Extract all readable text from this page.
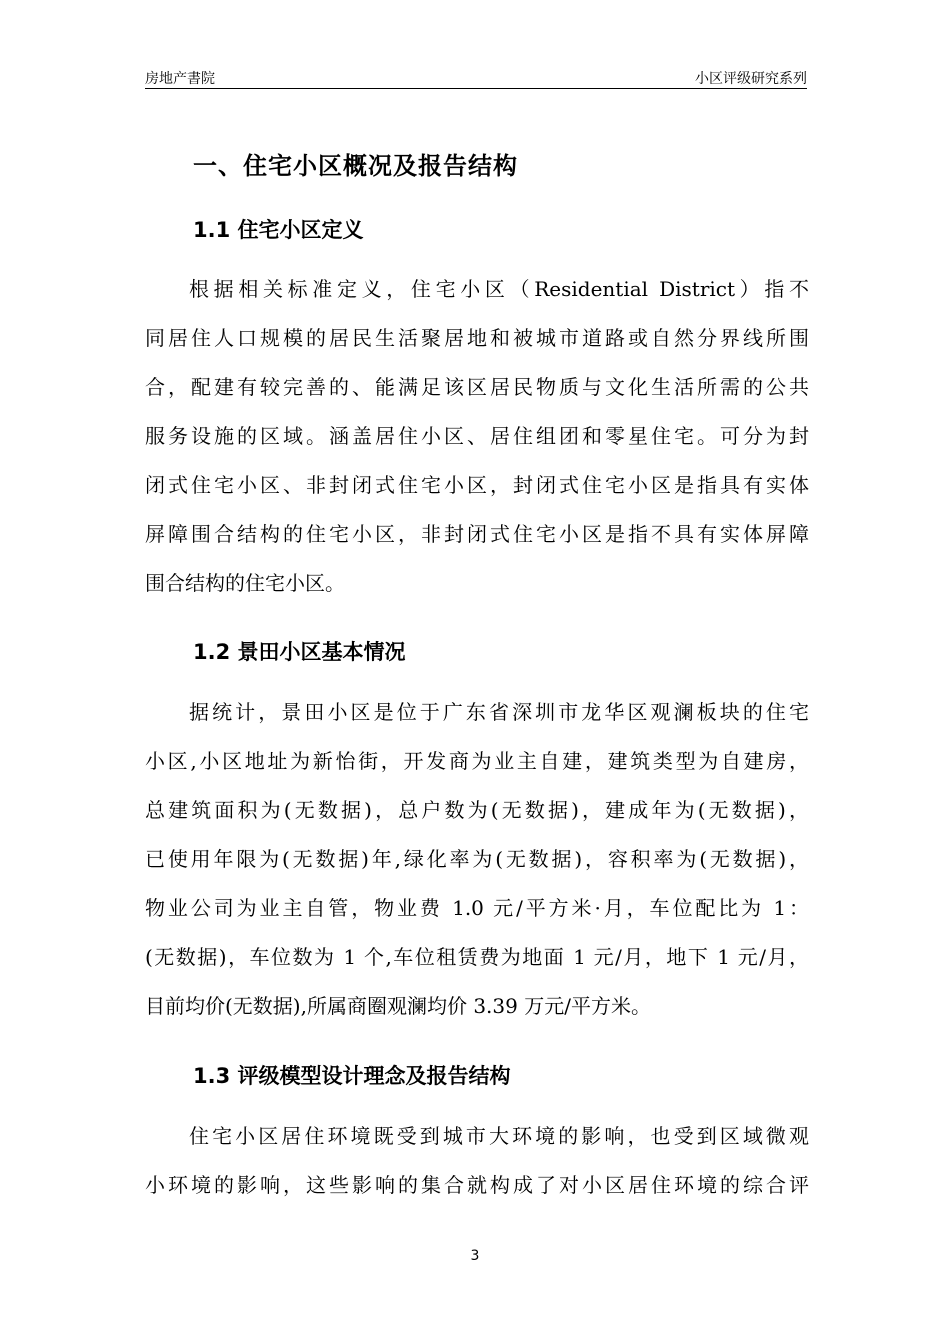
房地产書院	小区评级研究系列
一、住宅小区概况及报告结构
1.1 住宅小区定义
根据相关标准定义，住宅小区（Residential District）指不
同居住人口规模的居民生活聚居地和被城市道路或自然分界线所围
合，配建有较完善的、能满足该区居民物质与文化生活所需的公共
服务设施的区域。涵盖居住小区、居住组团和零星住宅。可分为封
闭式住宅小区、非封闭式住宅小区，封闭式住宅小区是指具有实体
屏障围合结构的住宅小区，非封闭式住宅小区是指不具有实体屏障
围合结构的住宅小区。
1.2 景田小区基本情况
据统计，景田小区是位于广东省深圳市龙华区观澜板块的住宅
小区,小区地址为新怡街，开发商为业主自建，建筑类型为自建房，
总建筑面积为(无数据)，总户数为(无数据)，建成年为(无数据)，
已使用年限为(无数据)年,绿化率为(无数据)，容积率为(无数据)，
物业公司为业主自管，物业费 1.0 元/平方米·月，车位配比为 1：
(无数据)，车位数为 1 个,车位租赁费为地面 1 元/月，地下 1 元/月，
目前均价(无数据),所属商圈观澜均价 3.39 万元/平方米。
1.3 评级模型设计理念及报告结构
住宅小区居住环境既受到城市大环境的影响，也受到区域微观
小环境的影响，这些影响的集合就构成了对小区居住环境的综合评
3
